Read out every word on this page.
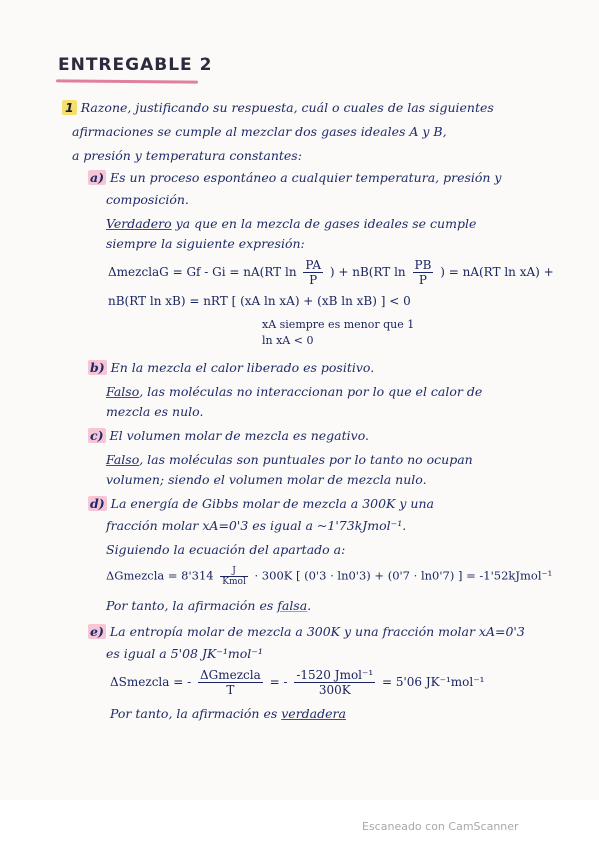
ENTREGABLE 2
1 Razone, justificando su respuesta, cuál o cuales de las siguientes
afirmaciones se cumple al mezclar dos gases ideales A y B,
a presión y temperatura constantes:
a) Es un proceso espontáneo a cualquier temperatura, presión y
composición.
Verdadero ya que en la mezcla de gases ideales se cumple
siempre la siguiente expresión:
ΔmezclaG = Gf - Gi = nA(RT $\ln \frac{PA}{P}$ ) + nB(RT $\ln \frac{PB}{P}$ ) = nA(RT ln xA) +
nB(RT ln xB) = nRT [ (xA ln xA) + (xB ln xB) ] < 0
xA siempre es menor que 1
ln xA < 0
b) En la mezcla el calor liberado es positivo.
Falso, las moléculas no interaccionan por lo que el calor de
mezcla es nulo.
c) El volumen molar de mezcla es negativo.
Falso, las moléculas son puntuales por lo tanto no ocupan
volumen; siendo el volumen molar de mezcla nulo.
d) La energía de Gibbs molar de mezcla a 300K y una
fracción molar xA=0'3 es igual a ~1'73kJmol⁻¹.
Siguiendo la ecuación del apartado a:
ΔGmezcla = $8'314 \frac{J}{\text{Kmol}} \cdot 300K$ [ (0'3 · ln0'3) + (0'7 · ln0'7) ] = -1'52kJmol⁻¹
Por tanto, la afirmación es falsa.
e) La entropía molar de mezcla a 300K y una fracción molar xA=0'3
es igual a 5'08 JK⁻¹mol⁻¹
ΔSmezcla = - $\frac{\text{ΔGmezcla}}{T}$ = - $\frac{\text{-1520 Jmol⁻¹}}{300K} = 5'06$ JK⁻¹mol⁻¹
Por tanto, la afirmación es verdadera
Escaneado con CamScanner
